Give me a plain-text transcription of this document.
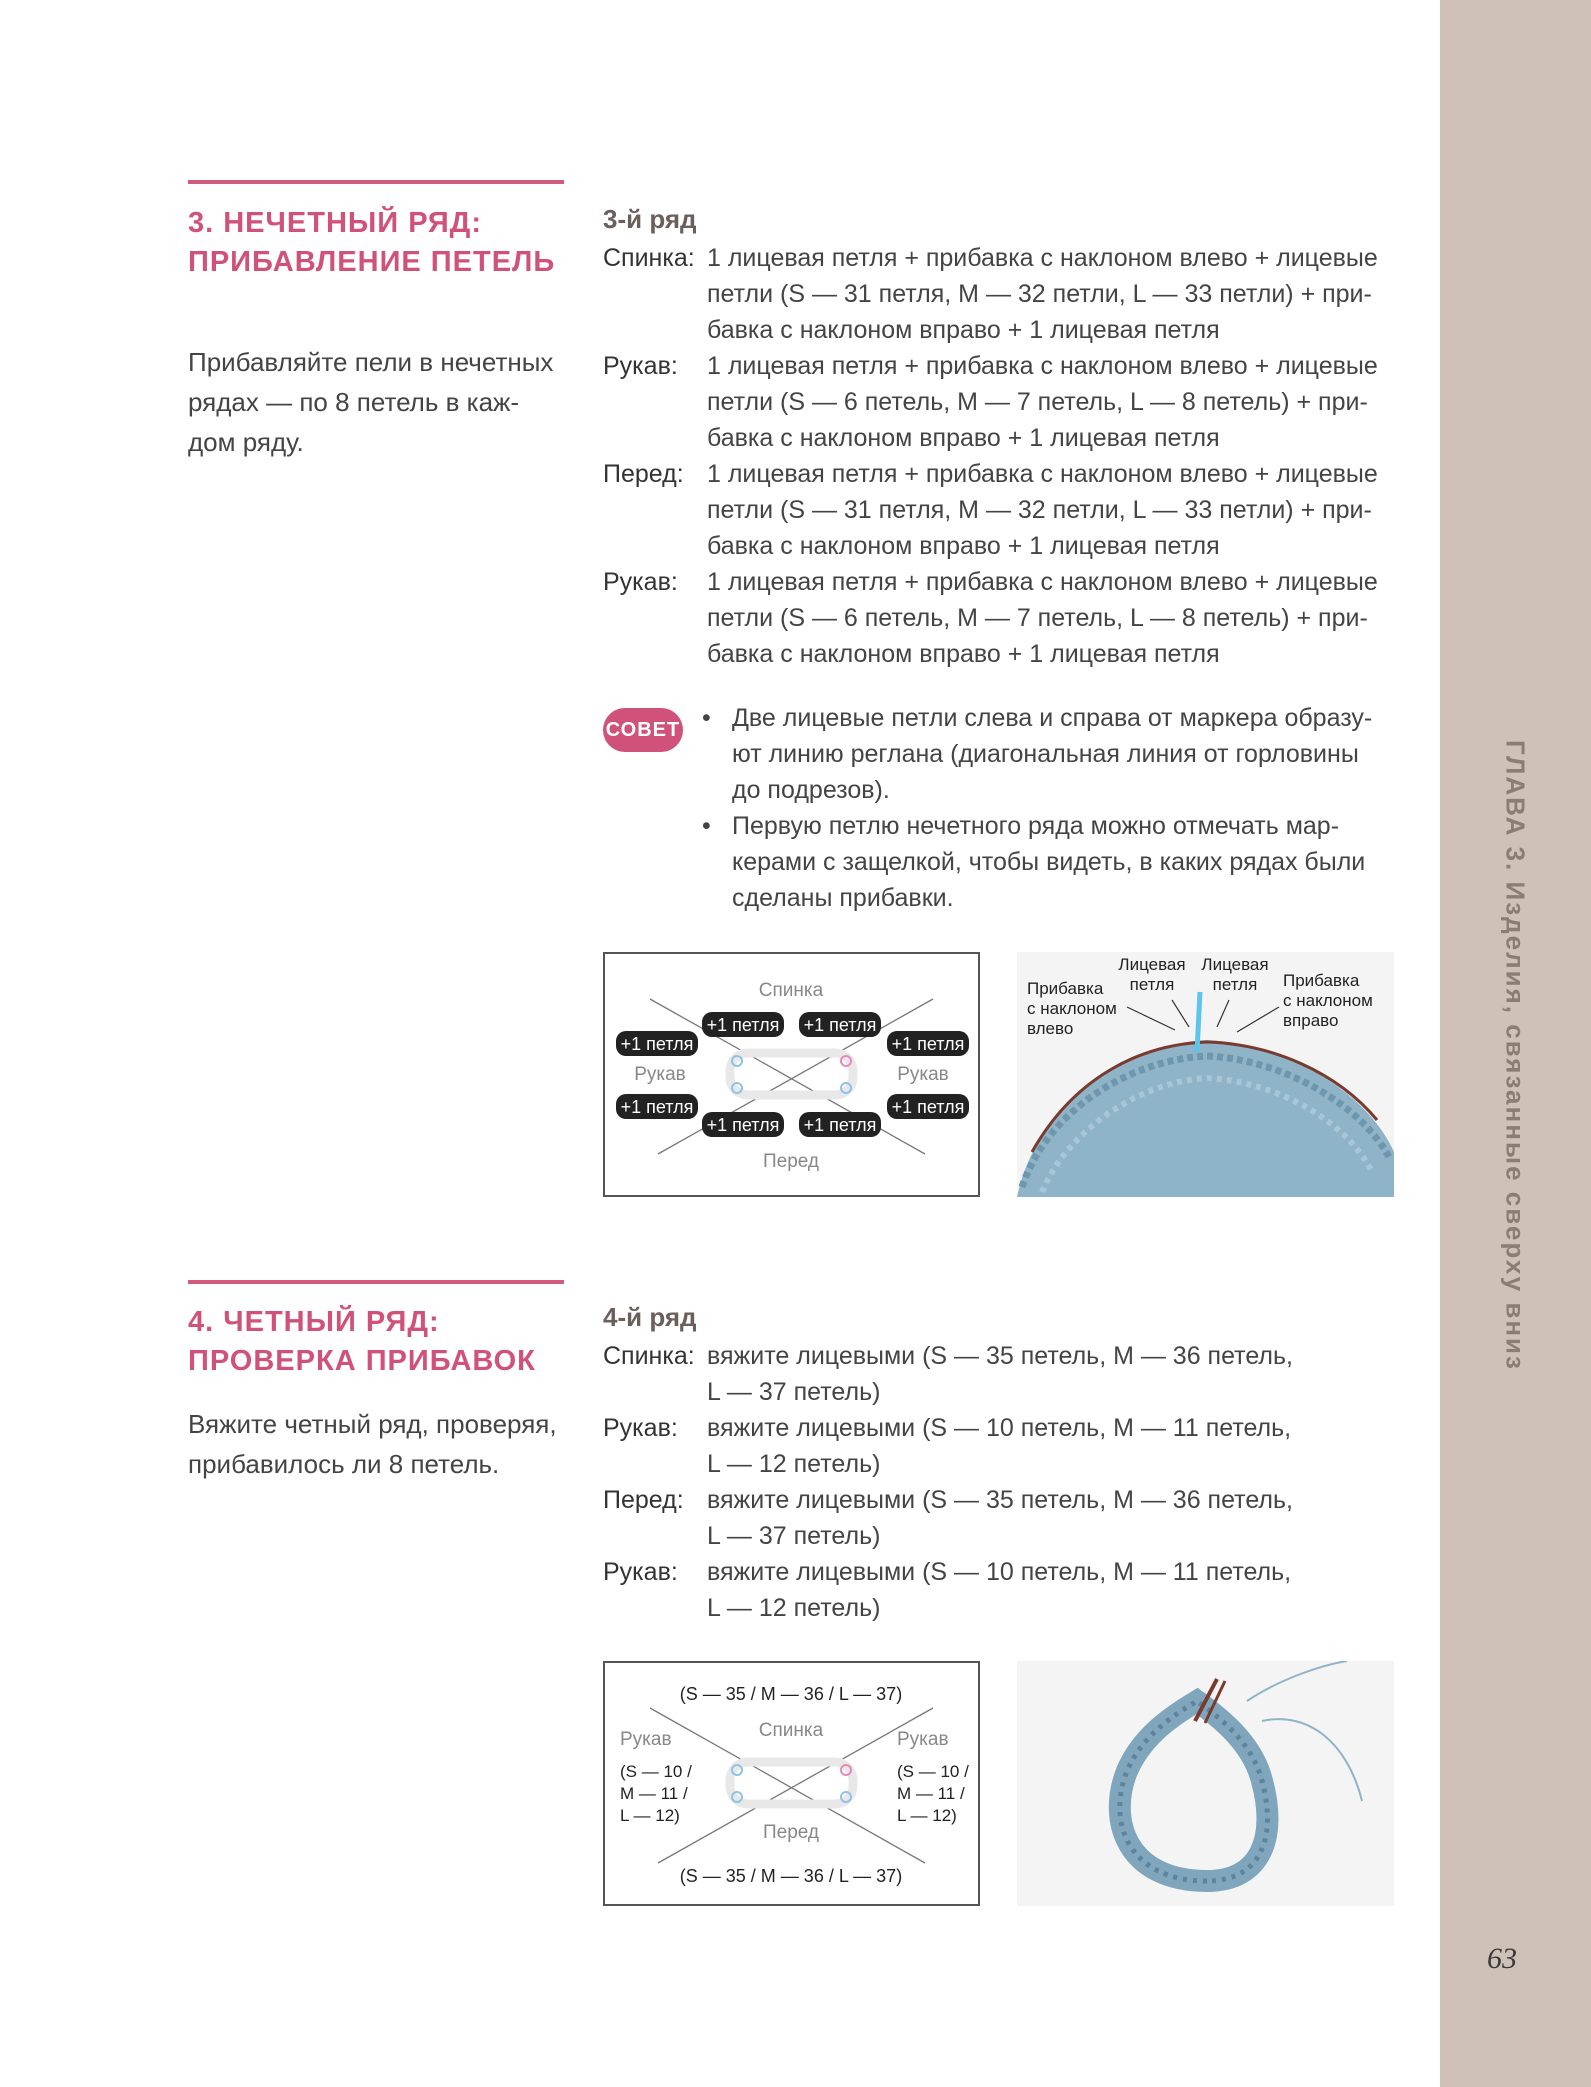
ГЛАВА 3. Изделия, связанные сверху вниз
63
3. НЕЧЕТНЫЙ РЯД:
ПРИБАВЛЕНИЕ ПЕТЕЛЬ
Прибавляйте пели в нечетных
рядах — по 8 петель в каж-
дом ряду.
3-й ряд
Спинка: 1 лицевая петля + прибавка с наклоном влево + лицевые
петли (S — 31 петля, M — 32 петли, L — 33 петли) + при-
бавка с наклоном вправо + 1 лицевая петля
Рукав: 1 лицевая петля + прибавка с наклоном влево + лицевые
петли (S — 6 петель, M — 7 петель, L — 8 петель) + при-
бавка с наклоном вправо + 1 лицевая петля
Перед: 1 лицевая петля + прибавка с наклоном влево + лицевые
петли (S — 31 петля, M — 32 петли, L — 33 петли) + при-
бавка с наклоном вправо + 1 лицевая петля
Рукав: 1 лицевая петля + прибавка с наклоном влево + лицевые
петли (S — 6 петель, M — 7 петель, L — 8 петель) + при-
бавка с наклоном вправо + 1 лицевая петля
СОВЕТ • Две лицевые петли слева и справа от маркера образу-
ют линию реглана (диагональная линия от горловины
до подрезов).
• Первую петлю нечетного ряда можно отмечать мар-
керами с защелкой, чтобы видеть, в каких рядах были
сделаны прибавки.
Спинка
Перед
Рукав	Рукав
+1 петля +1 петля
+1 петля	+1 петля
+1 петля	+1 петля
+1 петля +1 петля
Прибавка
с наклоном
влево
Лицевая
петля
Лицевая
петля Прибавка
с наклоном
вправо
4. ЧЕТНЫЙ РЯД:
ПРОВЕРКА ПРИБАВОК
Вяжите четный ряд, проверяя,
прибавилось ли 8 петель.
4-й ряд
Спинка: вяжите лицевыми (S — 35 петель, M — 36 петель,
L — 37 петель)
Рукав: вяжите лицевыми (S — 10 петель, M — 11 петель,
L — 12 петель)
Перед: вяжите лицевыми (S — 35 петель, M — 36 петель,
L — 37 петель)
Рукав: вяжите лицевыми (S — 10 петель, M — 11 петель,
L — 12 петель)
(S — 35 / M — 36 / L — 37)
(S — 35 / M — 36 / L — 37)
Спинка
Перед
Рукав	Рукав
(S — 10 /
M — 11 /
L — 12)
(S — 10 /
M — 11 /
L — 12)
